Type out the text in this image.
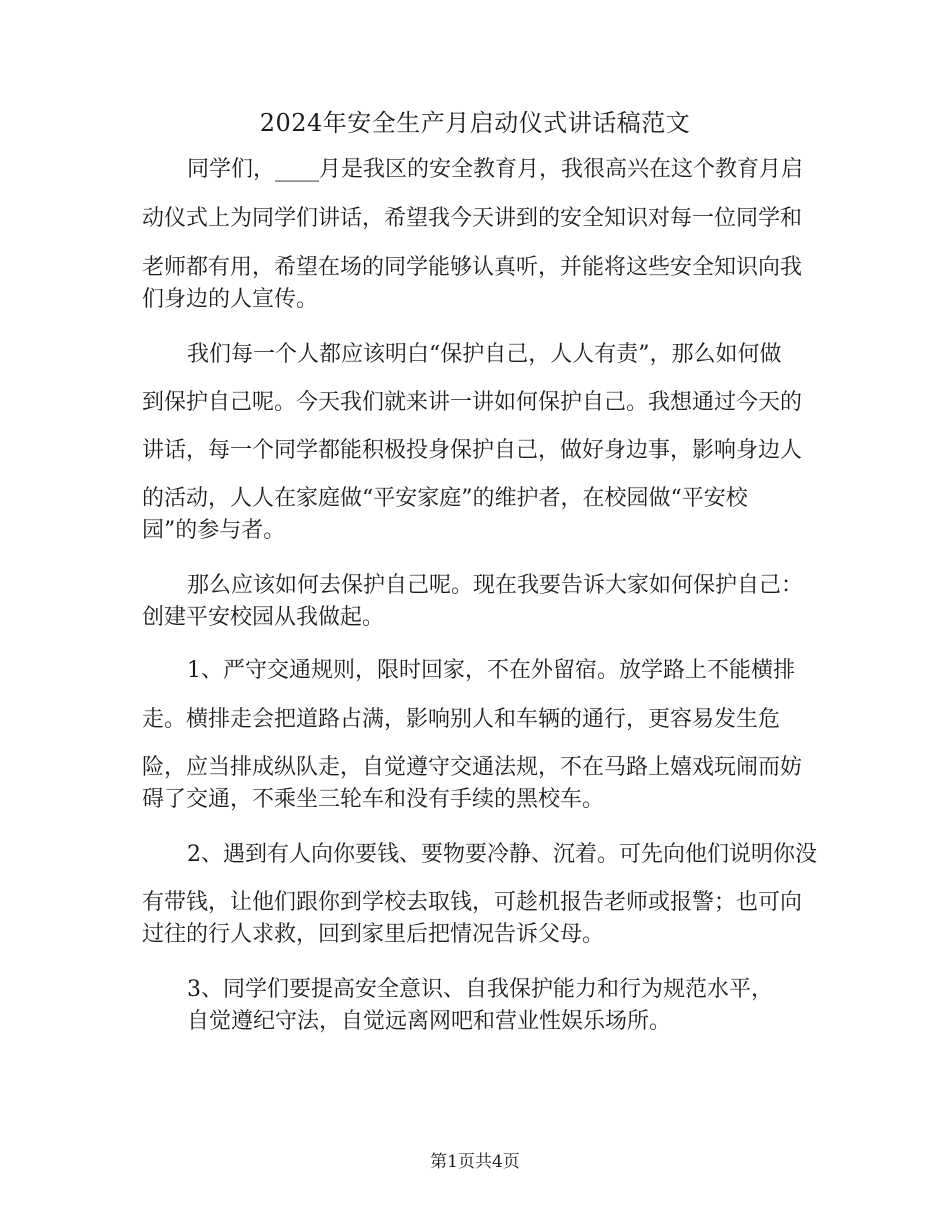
2024年安全生产月启动仪式讲话稿范文

同学们，____月是我区的安全教育月，我很高兴在这个教育月启

动仪式上为同学们讲话，希望我今天讲到的安全知识对每一位同学和

老师都有用，希望在场的同学能够认真听，并能将这些安全知识向我

们身边的人宣传。

我们每一个人都应该明白“保护自己，人人有责”，那么如何做

到保护自己呢。今天我们就来讲一讲如何保护自己。我想通过今天的

讲话，每一个同学都能积极投身保护自己，做好身边事，影响身边人

的活动，人人在家庭做“平安家庭”的维护者，在校园做“平安校

园”的参与者。

那么应该如何去保护自己呢。现在我要告诉大家如何保护自己：

创建平安校园从我做起。

1、严守交通规则，限时回家，不在外留宿。放学路上不能横排

走。横排走会把道路占满，影响别人和车辆的通行，更容易发生危

险，应当排成纵队走，自觉遵守交通法规，不在马路上嬉戏玩闹而妨

碍了交通，不乘坐三轮车和没有手续的黑校车。

2、遇到有人向你要钱、要物要冷静、沉着。可先向他们说明你没

有带钱，让他们跟你到学校去取钱，可趁机报告老师或报警；也可向

过往的行人求救，回到家里后把情况告诉父母。

3、同学们要提高安全意识、自我保护能力和行为规范水平，

自觉遵纪守法，自觉远离网吧和营业性娱乐场所。

第1页共4页
